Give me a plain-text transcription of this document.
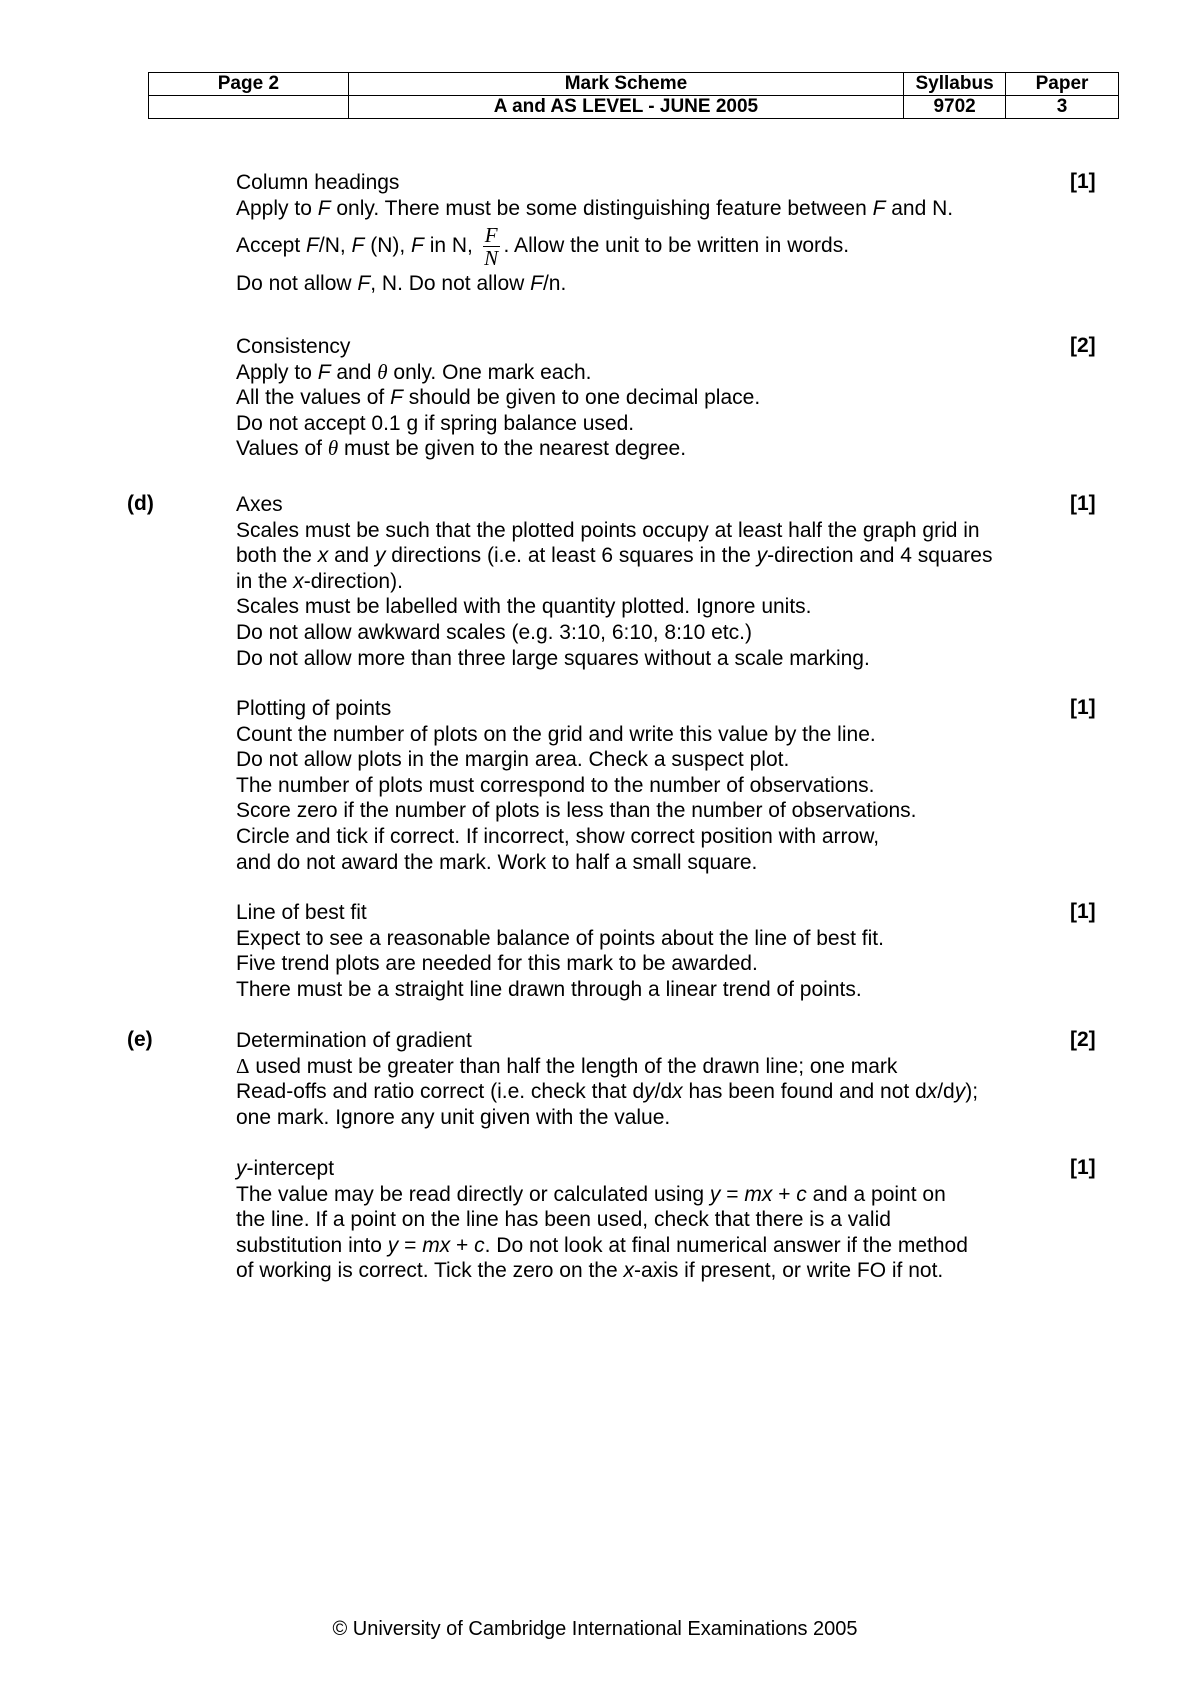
Page 2	Mark Scheme	Syllabus	Paper
	A and AS LEVEL - JUNE 2005	9702	3
Column headings
Apply to F only. There must be some distinguishing feature between F and N.
Accept F/N, F (N), F in N, $\frac{F}{N}$ . Allow the unit to be written in words.
Do not allow F, N. Do not allow F/n.
[1]
Consistency
Apply to F and θ only. One mark each.
All the values of F should be given to one decimal place.
Do not accept 0.1 g if spring balance used.
Values of θ must be given to the nearest degree.
[2]
(d)	Axes
Scales must be such that the plotted points occupy at least half the graph grid in
both the x and y directions (i.e. at least 6 squares in the y-direction and 4 squares
in the x-direction).
Scales must be labelled with the quantity plotted. Ignore units.
Do not allow awkward scales (e.g. 3:10, 6:10, 8:10 etc.)
Do not allow more than three large squares without a scale marking.
[1]
Plotting of points
Count the number of plots on the grid and write this value by the line.
Do not allow plots in the margin area. Check a suspect plot.
The number of plots must correspond to the number of observations.
Score zero if the number of plots is less than the number of observations.
Circle and tick if correct. If incorrect, show correct position with arrow,
and do not award the mark. Work to half a small square.
[1]
Line of best fit
Expect to see a reasonable balance of points about the line of best fit.
Five trend plots are needed for this mark to be awarded.
There must be a straight line drawn through a linear trend of points.
[1]
(e)	Determination of gradient
Δ used must be greater than half the length of the drawn line; one mark
Read-offs and ratio correct (i.e. check that dy/dx has been found and not dx/dy);
one mark. Ignore any unit given with the value.
[2]
y-intercept
The value may be read directly or calculated using y = mx + c and a point on
the line. If a point on the line has been used, check that there is a valid
substitution into y = mx + c. Do not look at final numerical answer if the method
of working is correct. Tick the zero on the x-axis if present, or write FO if not.
[1]
© University of Cambridge International Examinations 2005
